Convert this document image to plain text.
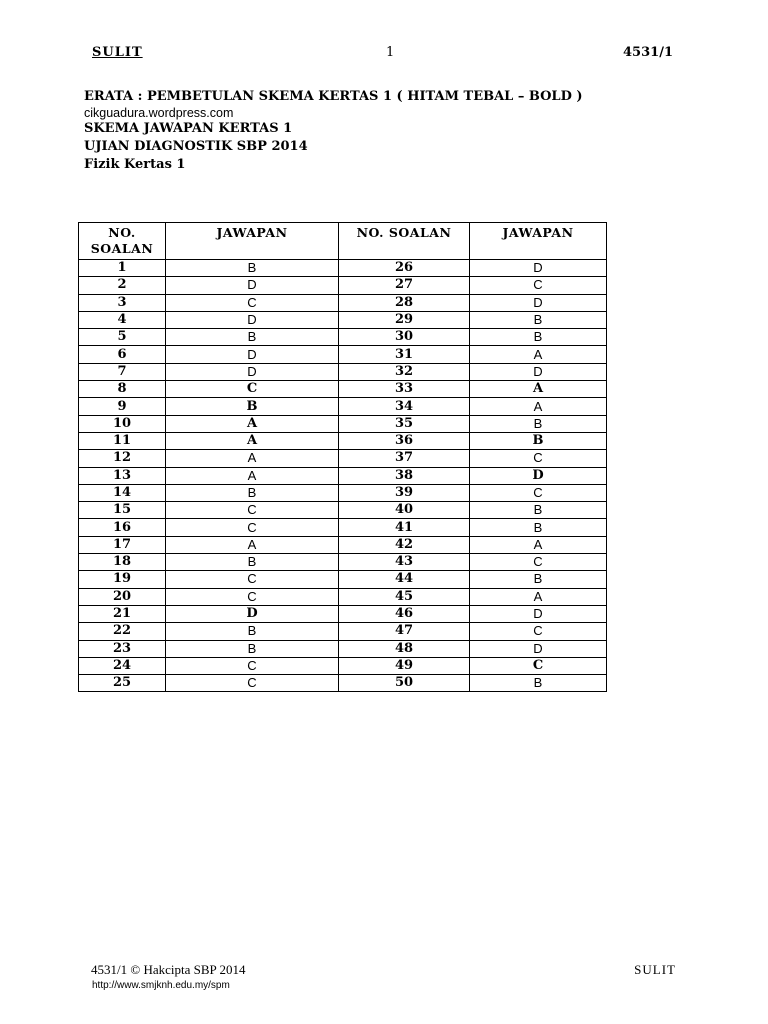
SULIT	1	4531/1
ERATA : PEMBETULAN SKEMA KERTAS 1 ( HITAM TEBAL – BOLD )
cikguadura.wordpress.com
SKEMA JAWAPAN KERTAS 1
UJIAN DIAGNOSTIK SBP 2014
Fizik Kertas 1
NO. SOALAN	JAWAPAN	NO. SOALAN	JAWAPAN
1	B	26	D
2	D	27	C
3	C	28	D
4	D	29	B
5	B	30	B
6	D	31	A
7	D	32	D
8	C	33	A
9	B	34	A
10	A	35	B
11	A	36	B
12	A	37	C
13	A	38	D
14	B	39	C
15	C	40	B
16	C	41	B
17	A	42	A
18	B	43	C
19	C	44	B
20	C	45	A
21	D	46	D
22	B	47	C
23	B	48	D
24	C	49	C
25	C	50	B
4531/1 © Hakcipta SBP 2014	SULIT
http://www.smjknh.edu.my/spm
